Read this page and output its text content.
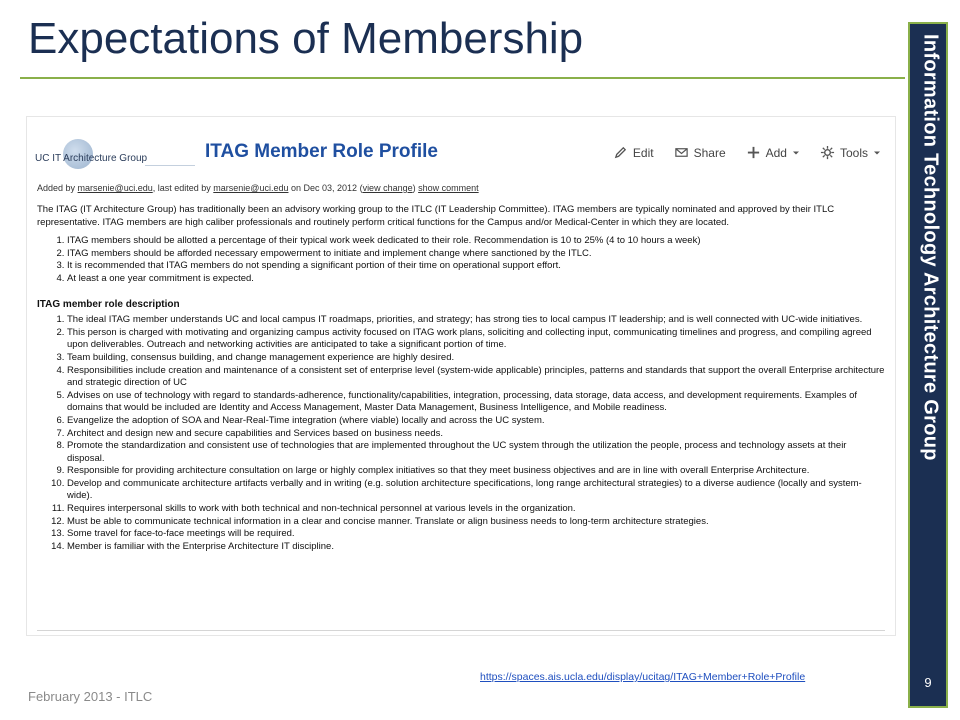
Expectations of Membership	Information Technology Architecture Group
9
UC IT Architecture Group	ITAG Member Role Profile	Edit	Share	Add	Tools
Added by marsenie@uci.edu, last edited by marsenie@uci.edu on Dec 03, 2012 (view change) show comment

The ITAG (IT Architecture Group) has traditionally been an advisory working group to the ITLC (IT Leadership Committee). ITAG members are typically nominated and approved by their ITLC representative. ITAG members are high caliber professionals and routinely perform critical functions for the Campus and/or Medical-Center in which they are located.

1. ITAG members should be allotted a percentage of their typical work week dedicated to their role. Recommendation is 10 to 25% (4 to 10 hours a week)
2. ITAG members should be afforded necessary empowerment to initiate and implement change where sanctioned by the ITLC.
3. It is recommended that ITAG members do not spending a significant portion of their time on operational support effort.
4. At least a one year commitment is expected.
ITAG member role description
1. The ideal ITAG member understands UC and local campus IT roadmaps, priorities, and strategy; has strong ties to local campus IT leadership; and is well connected with UC-wide initiatives.
2. This person is charged with motivating and organizing campus activity focused on ITAG work plans, soliciting and collecting input, communicating timelines and progress, and compiling agreed upon deliverables. Outreach and networking activities are anticipated to take a significant portion of time.
3. Team building, consensus building, and change management experience are highly desired.
4. Responsibilities include creation and maintenance of a consistent set of enterprise level (system-wide applicable) principles, patterns and standards that support the overall Enterprise architecture and strategic direction of UC
5. Advises on use of technology with regard to standards-adherence, functionality/capabilities, integration, processing, data storage, data access, and development requirements. Examples of domains that would be included are Identity and Access Management, Master Data Management, Business Intelligence, and Mobile readiness.
6. Evangelize the adoption of SOA and Near-Real-Time integration (where viable) locally and across the UC system.
7. Architect and design new and secure capabilities and Services based on business needs.
8. Promote the standardization and consistent use of technologies that are implemented throughout the UC system through the utilization the people, process and technology assets at their disposal.
9. Responsible for providing architecture consultation on large or highly complex initiatives so that they meet business objectives and are in line with overall Enterprise Architecture.
10. Develop and communicate architecture artifacts verbally and in writing (e.g. solution architecture specifications, long range architectural strategies) to a diverse audience (locally and system-wide).
11. Requires interpersonal skills to work with both technical and non-technical personnel at various levels in the organization.
12. Must be able to communicate technical information in a clear and concise manner. Translate or align business needs to long-term architecture strategies.
13. Some travel for face-to-face meetings will be required.
14. Member is familiar with the Enterprise Architecture IT discipline.
https://spaces.ais.ucla.edu/display/ucitag/ITAG+Member+Role+Profile
February 2013 - ITLC
